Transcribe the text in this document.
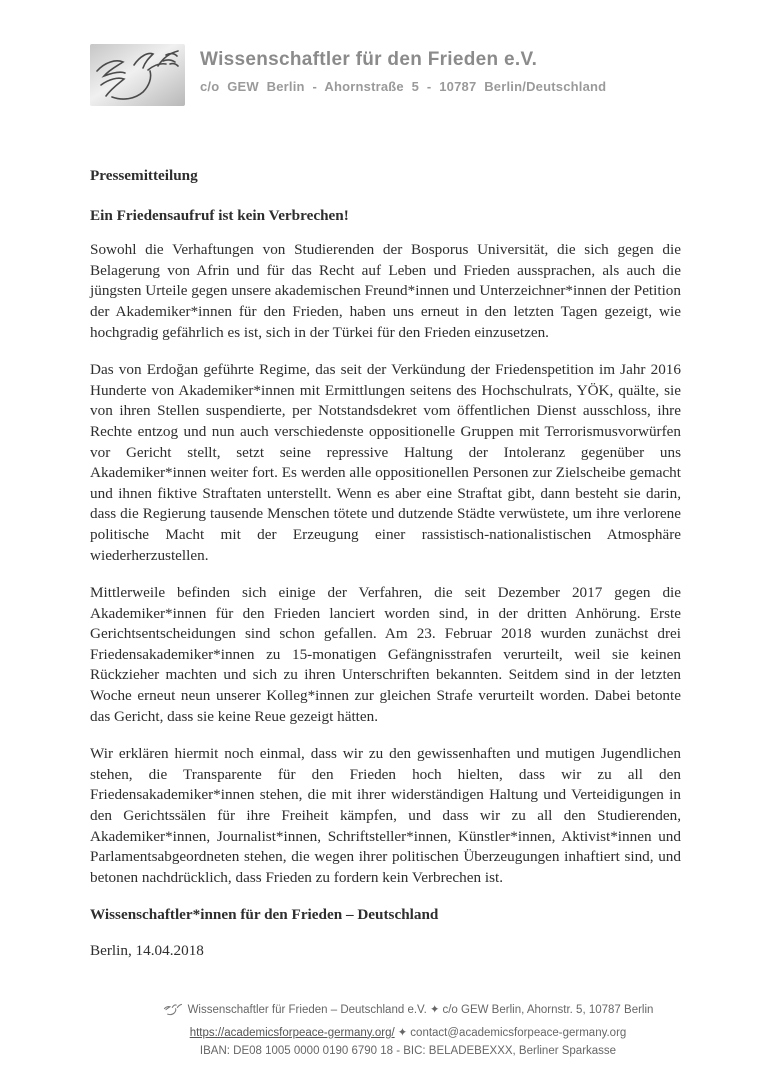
Wissenschaftler für den Frieden e.V.
c/o GEW Berlin - Ahornstraße 5 - 10787 Berlin/Deutschland

Pressemitteilung

Ein Friedensaufruf ist kein Verbrechen!

Sowohl die Verhaftungen von Studierenden der Bosporus Universität, die sich gegen die Belagerung von Afrin und für das Recht auf Leben und Frieden aussprachen, als auch die jüngsten Urteile gegen unsere akademischen Freund*innen und Unterzeichner*innen der Petition der Akademiker*innen für den Frieden, haben uns erneut in den letzten Tagen gezeigt, wie hochgradig gefährlich es ist, sich in der Türkei für den Frieden einzusetzen.

Das von Erdoğan geführte Regime, das seit der Verkündung der Friedenspetition im Jahr 2016 Hunderte von Akademiker*innen mit Ermittlungen seitens des Hochschulrats, YÖK, quälte, sie von ihren Stellen suspendierte, per Notstandsdekret vom öffentlichen Dienst ausschloss, ihre Rechte entzog und nun auch verschiedenste oppositionelle Gruppen mit Terrorismusvorwürfen vor Gericht stellt, setzt seine repressive Haltung der Intoleranz gegenüber uns Akademiker*innen weiter fort. Es werden alle oppositionellen Personen zur Zielscheibe gemacht und ihnen fiktive Straftaten unterstellt. Wenn es aber eine Straftat gibt, dann besteht sie darin, dass die Regierung tausende Menschen tötete und dutzende Städte verwüstete, um ihre verlorene politische Macht mit der Erzeugung einer rassistisch-nationalistischen Atmosphäre wiederherzustellen.

Mittlerweile befinden sich einige der Verfahren, die seit Dezember 2017 gegen die Akademiker*innen für den Frieden lanciert worden sind, in der dritten Anhörung. Erste Gerichtsentscheidungen sind schon gefallen. Am 23. Februar 2018 wurden zunächst drei Friedensakademiker*innen zu 15-monatigen Gefängnisstrafen verurteilt, weil sie keinen Rückzieher machten und sich zu ihren Unterschriften bekannten. Seitdem sind in der letzten Woche erneut neun unserer Kolleg*innen zur gleichen Strafe verurteilt worden. Dabei betonte das Gericht, dass sie keine Reue gezeigt hätten.

Wir erklären hiermit noch einmal, dass wir zu den gewissenhaften und mutigen Jugendlichen stehen, die Transparente für den Frieden hoch hielten, dass wir zu all den Friedensakademiker*innen stehen, die mit ihrer widerständigen Haltung und Verteidigungen in den Gerichtssälen für ihre Freiheit kämpfen, und dass wir zu all den Studierenden, Akademiker*innen, Journalist*innen, Schriftsteller*innen, Künstler*innen, Aktivist*innen und Parlamentsabgeordneten stehen, die wegen ihrer politischen Überzeugungen inhaftiert sind, und betonen nachdrücklich, dass Frieden zu fordern kein Verbrechen ist.

Wissenschaftler*innen für den Frieden – Deutschland

Berlin, 14.04.2018

Wissenschaftler für Frieden – Deutschland e.V. ✦ c/o GEW Berlin, Ahornstr. 5, 10787 Berlin
https://academicsforpeace-germany.org/ ✦ contact@academicsforpeace-germany.org
IBAN: DE08 1005 0000 0190 6790 18 - BIC: BELADEBEXXX, Berliner Sparkasse
